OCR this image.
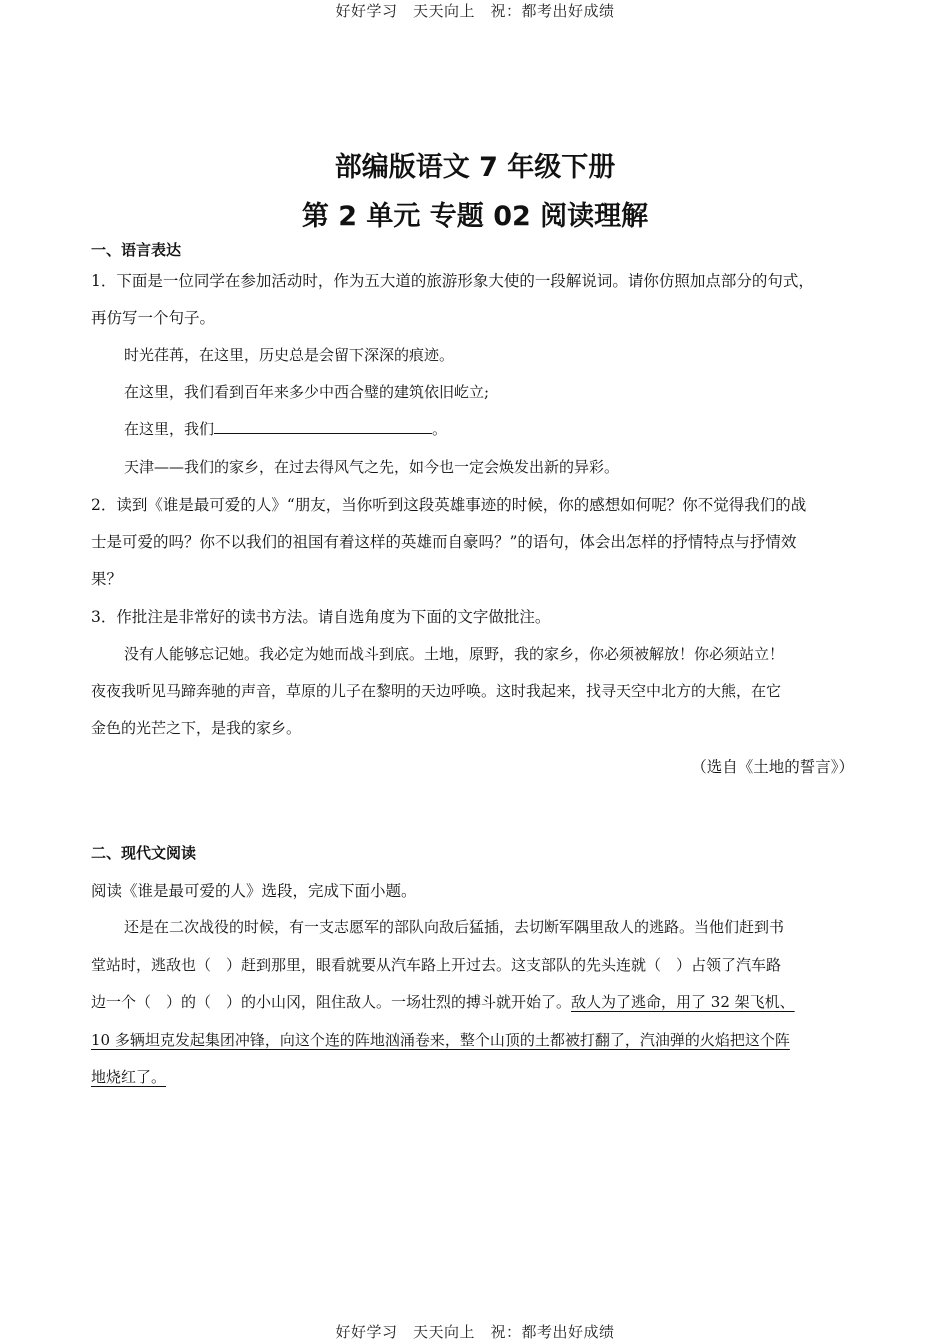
好好学习　天天向上　祝：都考出好成绩
部编版语文 7 年级下册
第 2 单元 专题 02 阅读理解
一、语言表达
1．下面是一位同学在参加活动时，作为五大道的旅游形象大使的一段解说词。请你仿照加点部分的句式，
再仿写一个句子。
时光荏苒，在这里，历史总是会留下深深的痕迹。
在这里，我们看到百年来多少中西合璧的建筑依旧屹立;
在这里，我们	。
天津——我们的家乡，在过去得风气之先，如今也一定会焕发出新的异彩。
2．读到《谁是最可爱的人》“朋友，当你听到这段英雄事迹的时候，你的感想如何呢？你不觉得我们的战
士是可爱的吗？你不以我们的祖国有着这样的英雄而自豪吗？”的语句，体会出怎样的抒情特点与抒情效
果？
3．作批注是非常好的读书方法。请自选角度为下面的文字做批注。
没有人能够忘记她。我必定为她而战斗到底。土地，原野，我的家乡，你必须被解放！你必须站立！
夜夜我听见马蹄奔驰的声音，草原的儿子在黎明的天边呼唤。这时我起来，找寻天空中北方的大熊，在它
金色的光芒之下，是我的家乡。
（选自《土地的誓言》）
二、现代文阅读
阅读《谁是最可爱的人》选段，完成下面小题。
还是在二次战役的时候，有一支志愿军的部队向敌后猛插，去切断军隅里敌人的逃路。当他们赶到书
堂站时，逃敌也（　）赶到那里，眼看就要从汽车路上开过去。这支部队的先头连就（　）占领了汽车路
边一个（　）的（　）的小山冈，阻住敌人。一场壮烈的搏斗就开始了。敌人为了逃命，用了 32 架飞机、
10 多辆坦克发起集团冲锋，向这个连的阵地汹涌卷来，整个山顶的土都被打翻了，汽油弹的火焰把这个阵
地烧红了。
好好学习　天天向上　祝：都考出好成绩
